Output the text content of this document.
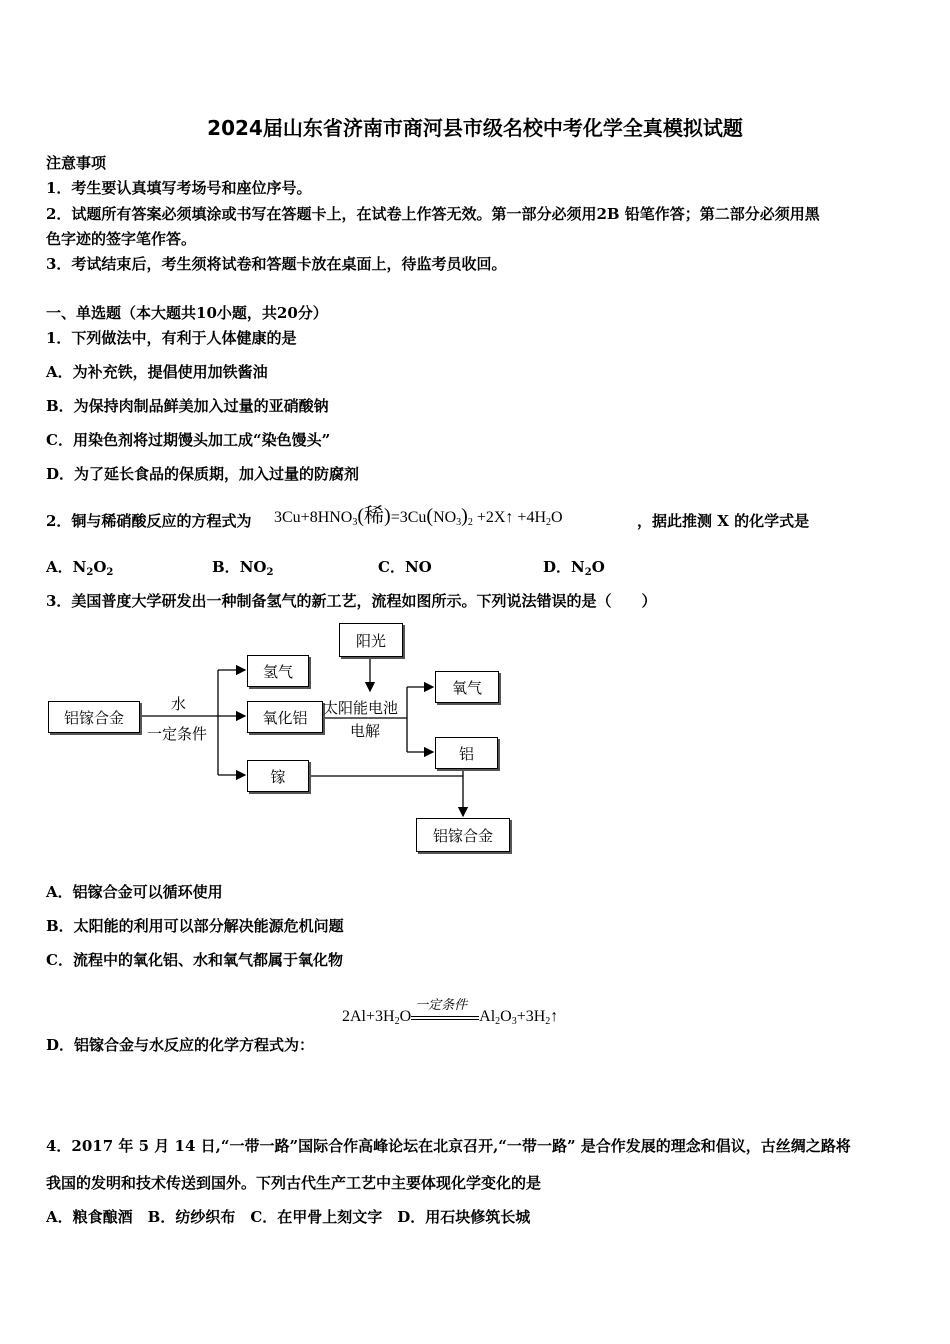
2024届山东省济南市商河县市级名校中考化学全真模拟试题
注意事项
1．考生要认真填写考场号和座位序号。
2．试题所有答案必须填涂或书写在答题卡上，在试卷上作答无效。第一部分必须用2B 铅笔作答；第二部分必须用黑
色字迹的签字笔作答。
3．考试结束后，考生须将试卷和答题卡放在桌面上，待监考员收回。
一、单选题（本大题共10小题，共20分）
1．下列做法中，有利于人体健康的是
A．为补充铁，提倡使用加铁酱油
B．为保持肉制品鲜美加入过量的亚硝酸钠
C．用染色剂将过期馒头加工成“染色馒头”
D．为了延长食品的保质期，加入过量的防腐剂
2．铜与稀硝酸反应的方程式为 $3Cu+8HNO_3$(稀)$=3Cu(NO_3)_2$ +2X↑ $+4H_2O$	，据此推测 X 的化学式是
A．$N_2O_2$	B．$NO_2$	C．NO	D．$N_2O$
3．美国普度大学研发出一种制备氢气的新工艺，流程如图所示。下列说法错误的是（　　）
铝镓合金
水
一定条件
氢气
氧化铝
镓
阳光
太阳能电池
电解
氧气
铝
铝镓合金
A．铝镓合金可以循环使用
B．太阳能的利用可以部分解决能源危机问题
C．流程中的氧化铝、水和氧气都属于氧化物
$2Al+3H_2O$
一定条件
$Al_2O_3+3H_2↑$
D．铝镓合金与水反应的化学方程式为：
4．2017 年 5 月 14 日,“一带一路”国际合作高峰论坛在北京召开,“一带一路” 是合作发展的理念和倡议，古丝绸之路将
我国的发明和技术传送到国外。下列古代生产工艺中主要体现化学变化的是
A．粮食酿酒　B．纺纱织布　C．在甲骨上刻文字　D．用石块修筑长城
